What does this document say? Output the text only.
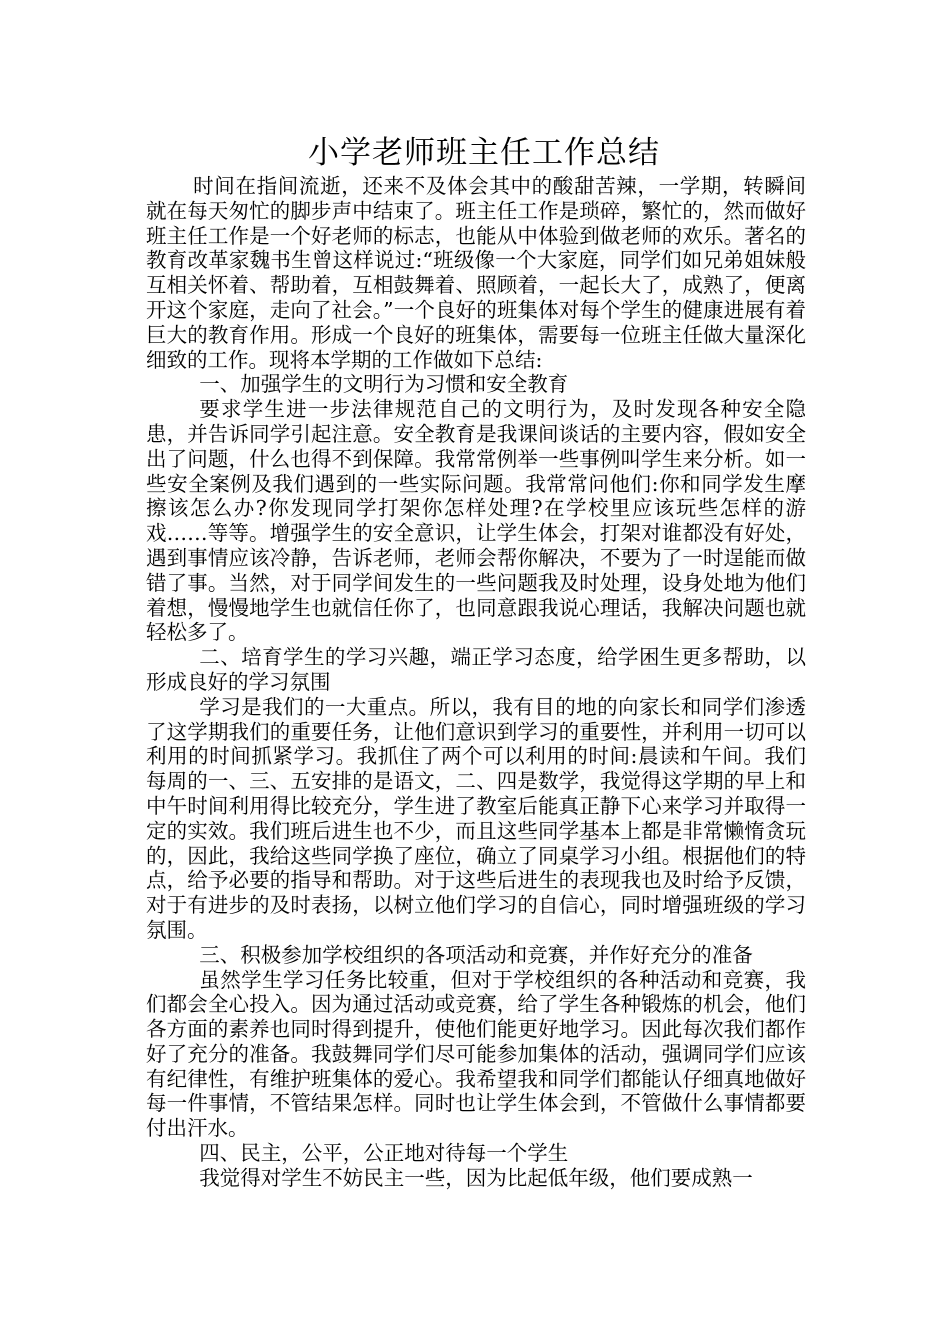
小学老师班主任工作总结

时间在指间流逝，还来不及体会其中的酸甜苦辣，一学期，转瞬间就在每天匆忙的脚步声中结束了。班主任工作是琐碎，繁忙的，然而做好班主任工作是一个好老师的标志，也能从中体验到做老师的欢乐。著名的教育改革家魏书生曾这样说过:“班级像一个大家庭，同学们如兄弟姐妹般互相关怀着、帮助着，互相鼓舞着、照顾着，一起长大了，成熟了，便离开这个家庭，走向了社会。”一个良好的班集体对每个学生的健康进展有着巨大的教育作用。形成一个良好的班集体，需要每一位班主任做大量深化细致的工作。现将本学期的工作做如下总结:

一、加强学生的文明行为习惯和安全教育

要求学生进一步法律规范自己的文明行为，及时发现各种安全隐患，并告诉同学引起注意。安全教育是我课间谈话的主要内容，假如安全出了问题，什么也得不到保障。我常常例举一些事例叫学生来分析。如一些安全案例及我们遇到的一些实际问题。我常常问他们:你和同学发生摩擦该怎么办?你发现同学打架你怎样处理?在学校里应该玩些怎样的游戏……等等。增强学生的安全意识，让学生体会，打架对谁都没有好处，遇到事情应该冷静，告诉老师，老师会帮你解决，不要为了一时逞能而做错了事。当然，对于同学间发生的一些问题我及时处理，设身处地为他们着想，慢慢地学生也就信任你了，也同意跟我说心理话，我解决问题也就轻松多了。

二、培育学生的学习兴趣，端正学习态度，给学困生更多帮助，以形成良好的学习氛围

学习是我们的一大重点。所以，我有目的地的向家长和同学们渗透了这学期我们的重要任务，让他们意识到学习的重要性，并利用一切可以利用的时间抓紧学习。我抓住了两个可以利用的时间:晨读和午间。我们每周的一、三、五安排的是语文，二、四是数学，我觉得这学期的早上和中午时间利用得比较充分，学生进了教室后能真正静下心来学习并取得一定的实效。我们班后进生也不少，而且这些同学基本上都是非常懒惰贪玩的，因此，我给这些同学换了座位，确立了同桌学习小组。根据他们的特点，给予必要的指导和帮助。对于这些后进生的表现我也及时给予反馈，对于有进步的及时表扬，以树立他们学习的自信心，同时增强班级的学习氛围。

三、积极参加学校组织的各项活动和竞赛，并作好充分的准备

虽然学生学习任务比较重，但对于学校组织的各种活动和竞赛，我们都会全心投入。因为通过活动或竞赛，给了学生各种锻炼的机会，他们各方面的素养也同时得到提升，使他们能更好地学习。因此每次我们都作好了充分的准备。我鼓舞同学们尽可能参加集体的活动，强调同学们应该有纪律性，有维护班集体的爱心。我希望我和同学们都能认仔细真地做好每一件事情，不管结果怎样。同时也让学生体会到，不管做什么事情都要付出汗水。

四、民主，公平，公正地对待每一个学生

我觉得对学生不妨民主一些，因为比起低年级，他们要成熟一
